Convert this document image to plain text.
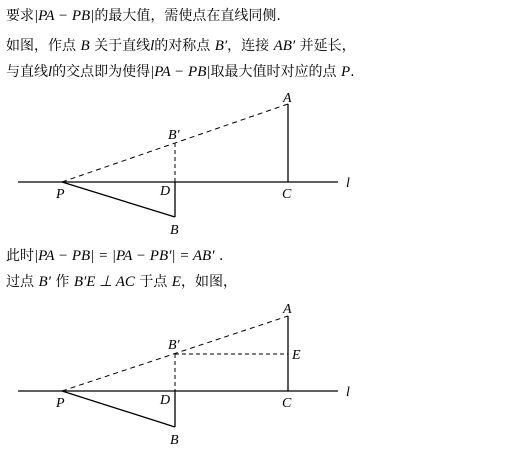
要求|PA − PB|的最大值，需使点在直线同侧.
如图，作点 B 关于直线l的对称点 B′，连接 AB′ 并延长，
与直线l的交点即为使得|PA − PB|取最大值时对应的点 P.
A
B′
P	D	C
B
l
此时|PA − PB| = |PA − PB′| = AB′ .
过点 B′ 作 B′E ⊥ AC 于点 E，如图，
A
B′
E
P	D	C
B
l
